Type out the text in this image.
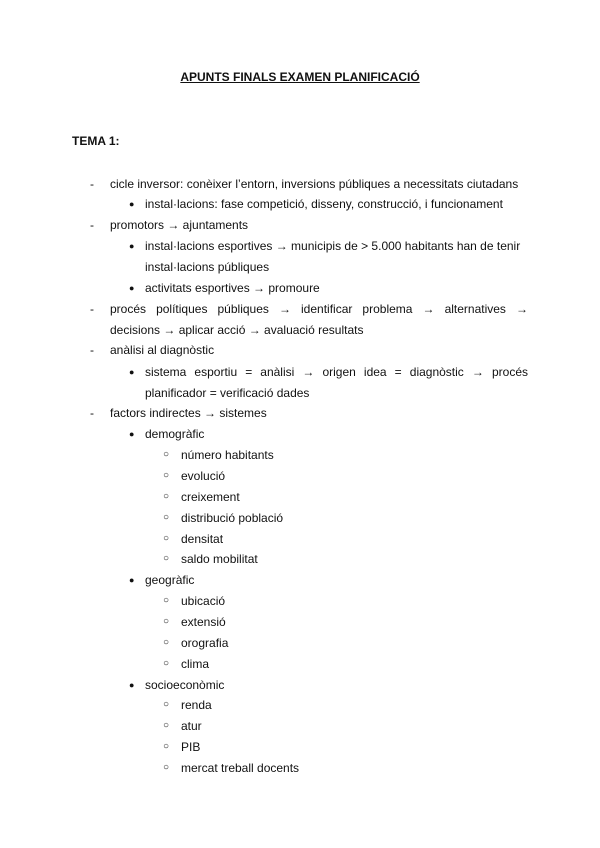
APUNTS FINALS EXAMEN PLANIFICACIÓ
TEMA 1:
- cicle inversor: conèixer l’entorn, inversions públiques a necessitats ciutadans
● instal·lacions: fase competició, disseny, construcció, i funcionament
- promotors → ajuntaments
● instal·lacions esportives → municipis de > 5.000 habitants han de tenir
instal·lacions públiques
● activitats esportives → promoure
- procés polítiques públiques → identificar problema → alternatives →
decisions → aplicar acció → avaluació resultats
- anàlisi al diagnòstic
● sistema esportiu = anàlisi → origen idea = diagnòstic → procés
planificador = verificació dades
- factors indirectes → sistemes
● demogràfic
○ número habitants
○ evolució
○ creixement
○ distribució població
○ densitat
○ saldo mobilitat
● geogràfic
○ ubicació
○ extensió
○ orografia
○ clima
● socioeconòmic
○ renda
○ atur
○ PIB
○ mercat treball docents
